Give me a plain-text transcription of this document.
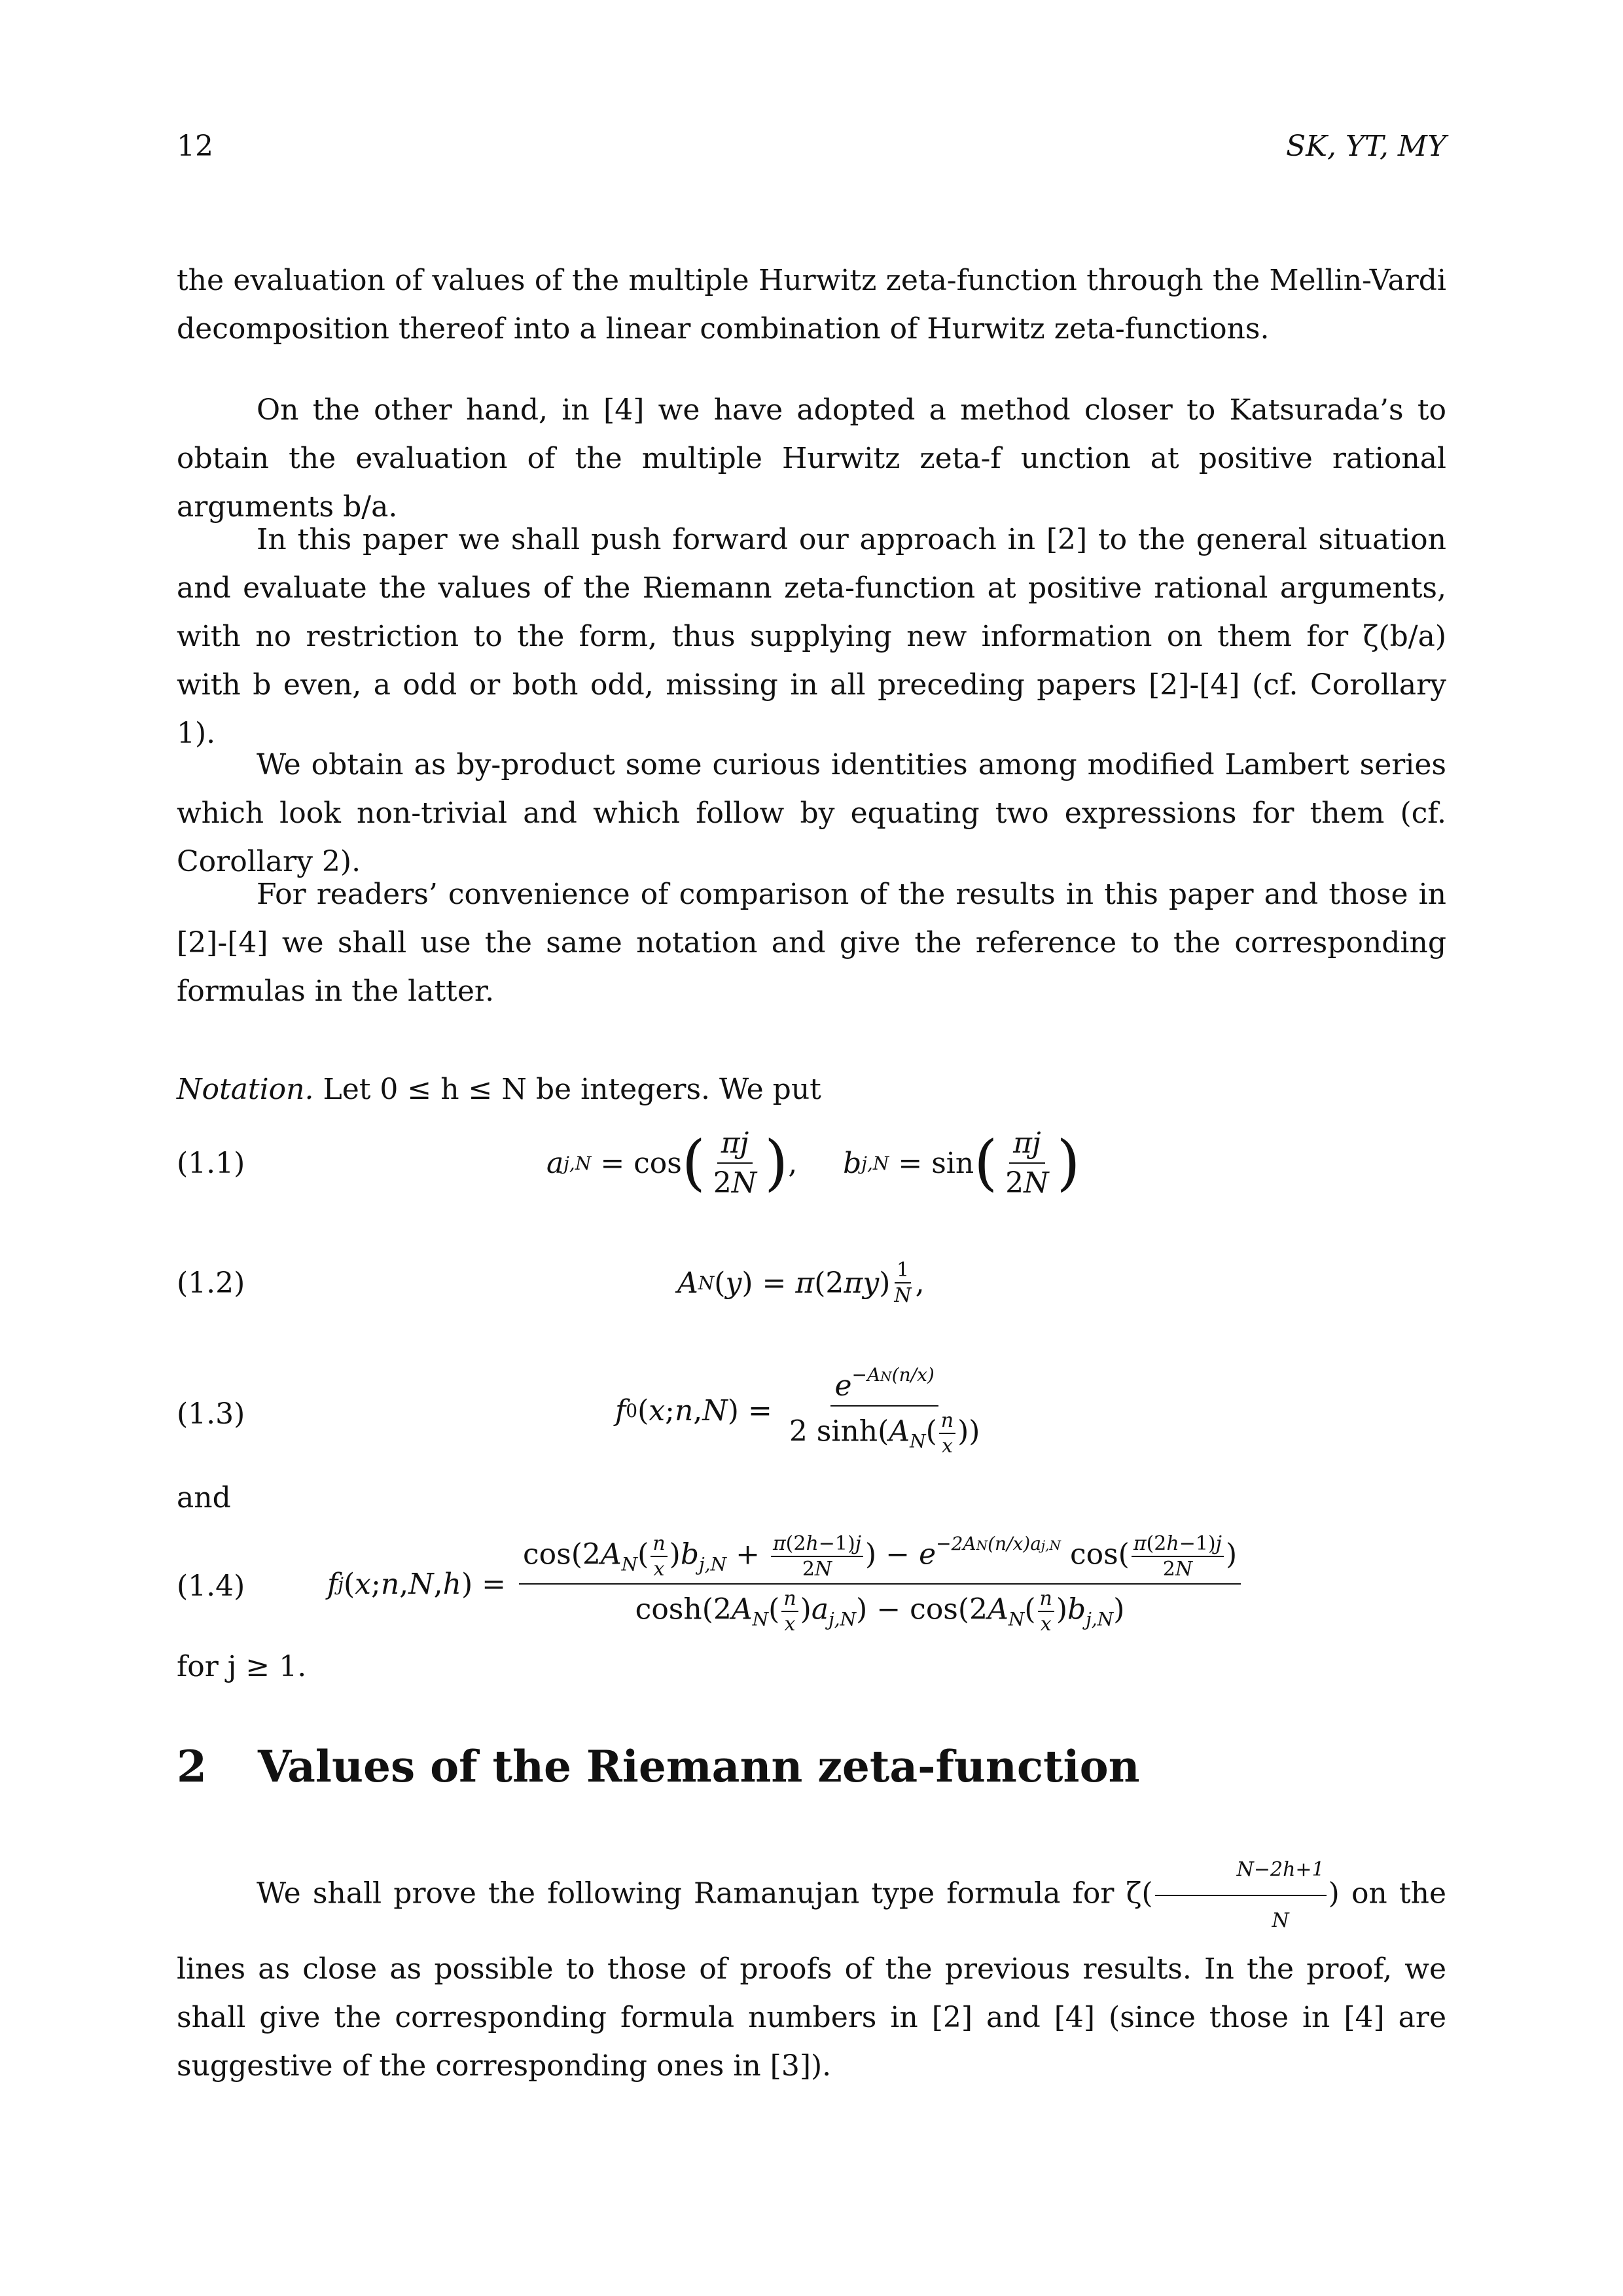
12	SK, YT, MY

the evaluation of values of the multiple Hurwitz zeta-function through the Mellin-Vardi decomposition thereof into a linear combination of Hurwitz zeta-functions.

On the other hand, in [4] we have adopted a method closer to Katsurada’s to obtain the evaluation of the multiple Hurwitz zeta-f unction at positive rational arguments b/a.

In this paper we shall push forward our approach in [2] to the general situation and evaluate the values of the Riemann zeta-function at positive rational arguments, with no restriction to the form, thus supplying new information on them for ζ(b/a) with b even, a odd or both odd, missing in all preceding papers [2]-[4] (cf. Corollary 1).

We obtain as by-product some curious identities among modified Lambert series which look non-trivial and which follow by equating two expressions for them (cf. Corollary 2).

For readers’ convenience of comparison of the results in this paper and those in [2]-[4] we shall use the same notation and give the reference to the corresponding formulas in the latter.

Notation. Let 0 ≤ h ≤ N be integers. We put

(1.1)	a j,N = cos ( $\frac{\pi j}{2N}$ ) , b j,N = sin ( $\frac{\pi j}{2N}$ )
(1.2)	A N ( y ) = π (2 πy ) $\frac{1}{N}$ ,
(1.3)	f 0 ( x ; n , N ) = $\frac{e^{-AN(n/x)}}{2 \sinh(A_N( \frac{n}{x} ))}$

and

(1.4)	f j ( x ; n , N , h ) =
$\cos(2A_N( \frac{n}{x} )b_{j,N} + \frac{\pi(2h-1)j}{2N}$ ) − $e^{-2AN(n/x)aj,N}$ $\cos( \frac{\pi(2h-1)j}{2N}$ )
$\cosh(2A_N( \frac{n}{x} )a_{j,N}) - \cos(2A_N( \frac{n}{x} )b_{j,N})$

for j ≥ 1.

2 Values of the Riemann zeta-function

We shall prove the following Ramanujan type formula for $\zeta( \frac{N-2h+1}{N}$ ) on the lines as close as possible to those of proofs of the previous results. In the proof, we shall give the corresponding formula numbers in [2] and [4] (since those in [4] are suggestive of the corresponding ones in [3]).
